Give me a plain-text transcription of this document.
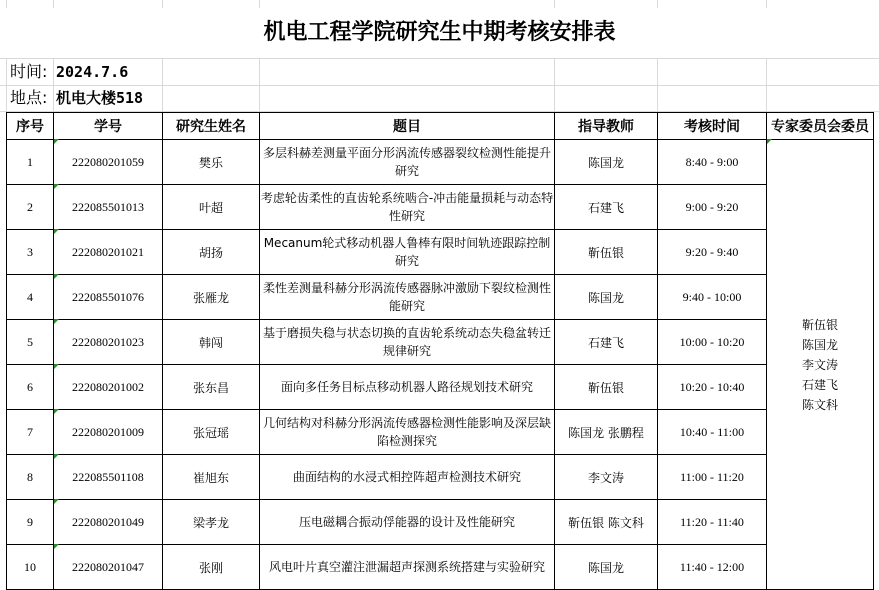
机电工程学院研究生中期考核安排表
时间: 2024.7.6
地点: 机电大楼518
序号	学号	研究生姓名	题目	指导教师	考核时间	专家委员会委员
1	222080201059	樊乐	多层科赫差测量平面分形涡流传感器裂纹检测性能提升研究	陈国龙	8:40 - 9:00	靳伍银
陈国龙
李文涛
石建飞
陈文科

2	222085501013	叶超	考虑轮齿柔性的直齿轮系统啮合-冲击能量损耗与动态特性研究	石建飞	9:00 - 9:20	
3	222080201021	胡扬	Mecanum轮式移动机器人鲁棒有限时间轨迹跟踪控制研究	靳伍银	9:20 - 9:40	
4	222085501076	张雁龙	柔性差测量科赫分形涡流传感器脉冲激励下裂纹检测性能研究	陈国龙	9:40 - 10:00	
5	222080201023	韩闯	基于磨损失稳与状态切换的直齿轮系统动态失稳盆转迁规律研究	石建飞	10:00 - 10:20	
6	222080201002	张东昌	面向多任务目标点移动机器人路径规划技术研究	靳伍银	10:20 - 10:40	
7	222080201009	张冠瑶	几何结构对科赫分形涡流传感器检测性能影响及深层缺陷检测探究	陈国龙 张鹏程	10:40 - 11:00	
8	222085501108	崔旭东	曲面结构的水浸式相控阵超声检测技术研究	李文涛	11:00 - 11:20	
9	222080201049	梁孝龙	压电磁耦合振动俘能器的设计及性能研究	靳伍银 陈文科	11:20 - 11:40	
10	222080201047	张刚	风电叶片真空灌注泄漏超声探测系统搭建与实验研究	陈国龙	11:40 - 12:00	
